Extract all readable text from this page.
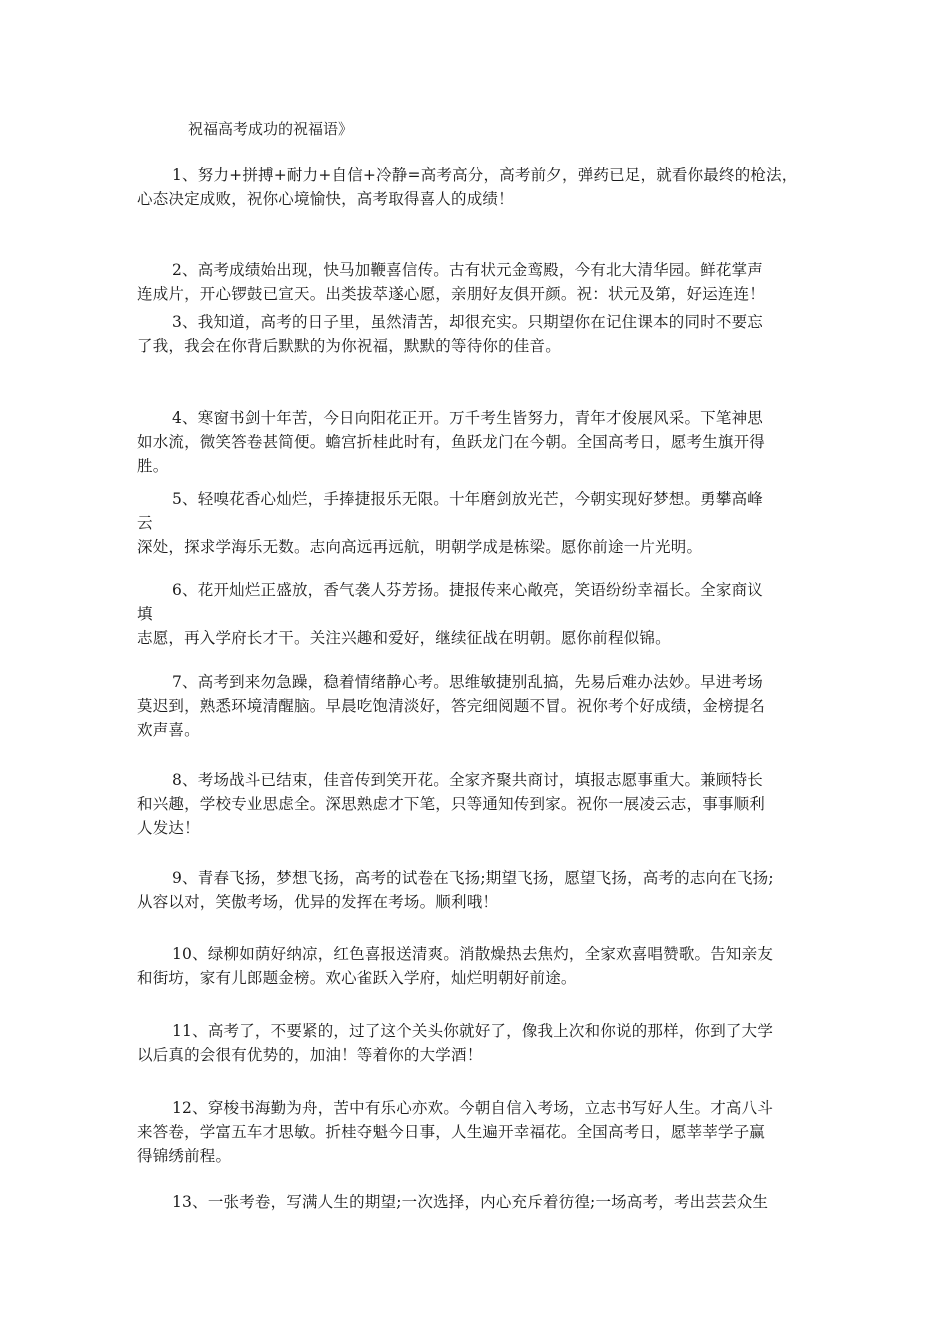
祝福高考成功的祝福语》
1、努力+拼搏+耐力+自信+冷静=高考高分，高考前夕，弹药已足，就看你最终的枪法，
心态决定成败，祝你心境愉快，高考取得喜人的成绩！
2、高考成绩始出现，快马加鞭喜信传。古有状元金鸾殿，今有北大清华园。鲜花掌声
连成片，开心锣鼓已宣天。出类拔萃遂心愿，亲朋好友俱开颜。祝：状元及第，好运连连！
3、我知道，高考的日子里，虽然清苦，却很充实。只期望你在记住课本的同时不要忘
了我，我会在你背后默默的为你祝福，默默的等待你的佳音。
4、寒窗书剑十年苦，今日向阳花正开。万千考生皆努力，青年才俊展风采。下笔神思
如水流，微笑答卷甚简便。蟾宫折桂此时有，鱼跃龙门在今朝。全国高考日，愿考生旗开得
胜。
5、轻嗅花香心灿烂，手捧捷报乐无限。十年磨剑放光芒，今朝实现好梦想。勇攀高峰
云
深处，探求学海乐无数。志向高远再远航，明朝学成是栋梁。愿你前途一片光明。
6、花开灿烂正盛放，香气袭人芬芳扬。捷报传来心敞亮，笑语纷纷幸福长。全家商议
填
志愿，再入学府长才干。关注兴趣和爱好，继续征战在明朝。愿你前程似锦。
7、高考到来勿急躁，稳着情绪静心考。思维敏捷别乱搞，先易后难办法妙。早进考场
莫迟到，熟悉环境清醒脑。早晨吃饱清淡好，答完细阅题不冒。祝你考个好成绩，金榜提名
欢声喜。
8、考场战斗已结束，佳音传到笑开花。全家齐聚共商讨，填报志愿事重大。兼顾特长
和兴趣，学校专业思虑全。深思熟虑才下笔，只等通知传到家。祝你一展凌云志，事事顺利
人发达！
9、青春飞扬，梦想飞扬，高考的试卷在飞扬;期望飞扬，愿望飞扬，高考的志向在飞扬;
从容以对，笑傲考场，优异的发挥在考场。顺利哦！
10、绿柳如荫好纳凉，红色喜报送清爽。消散燥热去焦灼，全家欢喜唱赞歌。告知亲友
和街坊，家有儿郎题金榜。欢心雀跃入学府，灿烂明朝好前途。
11、高考了，不要紧的，过了这个关头你就好了，像我上次和你说的那样，你到了大学
以后真的会很有优势的，加油！等着你的大学酒！
12、穿梭书海勤为舟，苦中有乐心亦欢。今朝自信入考场，立志书写好人生。才高八斗
来答卷，学富五车才思敏。折桂夺魁今日事，人生遍开幸福花。全国高考日，愿莘莘学子赢
得锦绣前程。
13、一张考卷，写满人生的期望;一次选择，内心充斥着彷徨;一场高考，考出芸芸众生
